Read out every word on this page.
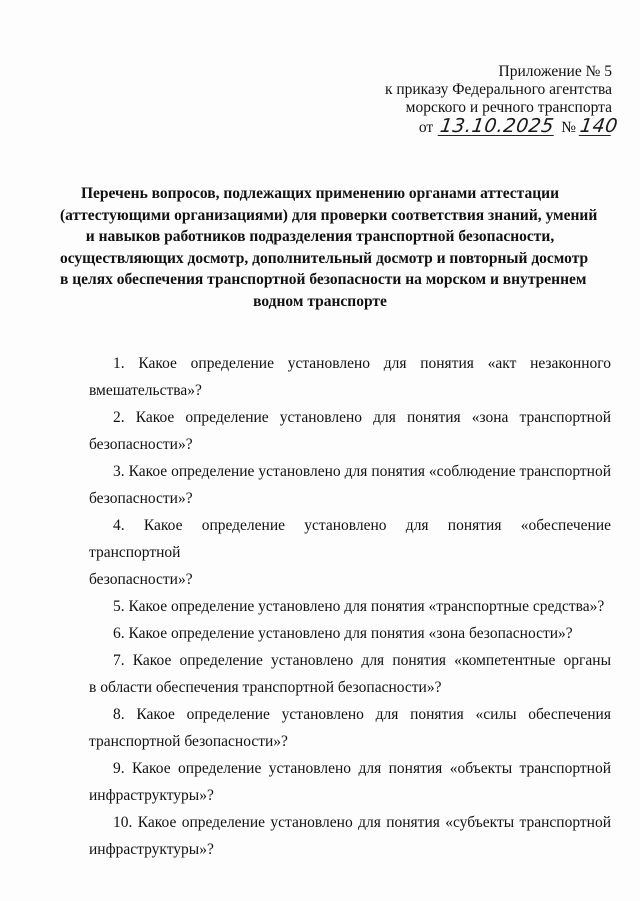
Приложение № 5
к приказу Федерального агентства
морского и речного транспорта
от 13.10.2025 № 140
Перечень вопросов, подлежащих применению органами аттестации
(аттестующими организациями) для проверки соответствия знаний, умений
и навыков работников подразделения транспортной безопасности,
осуществляющих досмотр, дополнительный досмотр и повторный досмотр
в целях обеспечения транспортной безопасности на морском и внутреннем
водном транспорте
1. Какое определение установлено для понятия «акт незаконного
вмешательства»?
2. Какое определение установлено для понятия «зона транспортной
безопасности»?
3. Какое определение установлено для понятия «соблюдение транспортной
безопасности»?
4. Какое определение установлено для понятия «обеспечение транспортной
безопасности»?
5. Какое определение установлено для понятия «транспортные средства»?
6. Какое определение установлено для понятия «зона безопасности»?
7. Какое определение установлено для понятия «компетентные органы
в области обеспечения транспортной безопасности»?
8. Какое определение установлено для понятия «силы обеспечения
транспортной безопасности»?
9. Какое определение установлено для понятия «объекты транспортной
инфраструктуры»?
10. Какое определение установлено для понятия «субъекты транспортной
инфраструктуры»?
